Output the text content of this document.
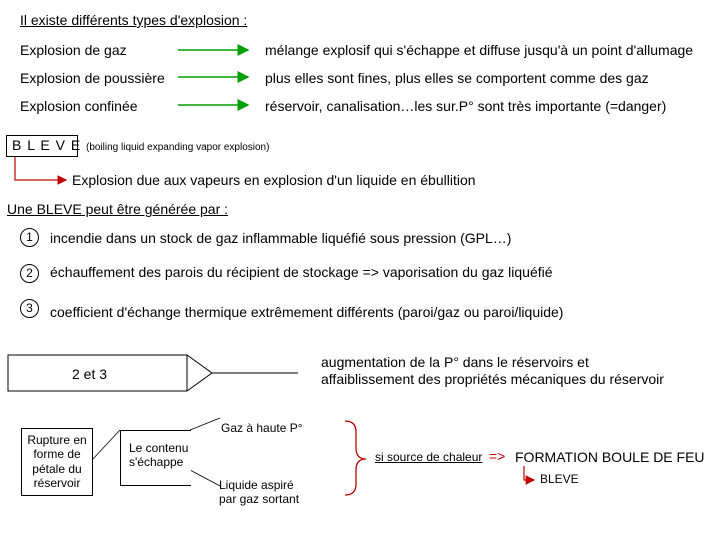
Il existe différents types d'explosion :
Explosion de gaz	mélange explosif qui s'échappe et diffuse jusqu'à un point d'allumage
Explosion de poussière	plus elles sont fines, plus elles se comportent comme des gaz
Explosion confinée	réservoir, canalisation…les sur.P° sont très importante (=danger)
B L E V E (boiling liquid expanding vapor explosion)
Explosion due aux vapeurs en explosion d'un liquide en ébullition
Une BLEVE peut être générée par :
1	incendie dans un stock de gaz inflammable liquéfié sous pression (GPL…)
2	échauffement des parois du récipient de stockage => vaporisation du gaz liquéfié
3	coefficient d'échange thermique extrêmement différents (paroi/gaz ou paroi/liquide)
2 et 3
augmentation de la P° dans le réservoirs et
affaiblissement des propriétés mécaniques du réservoir
Rupture en forme de pétale du réservoir
Le contenu s'échappe
Gaz à haute P°
Liquide aspiré par gaz sortant
si source de chaleur => FORMATION BOULE DE FEU
BLEVE
